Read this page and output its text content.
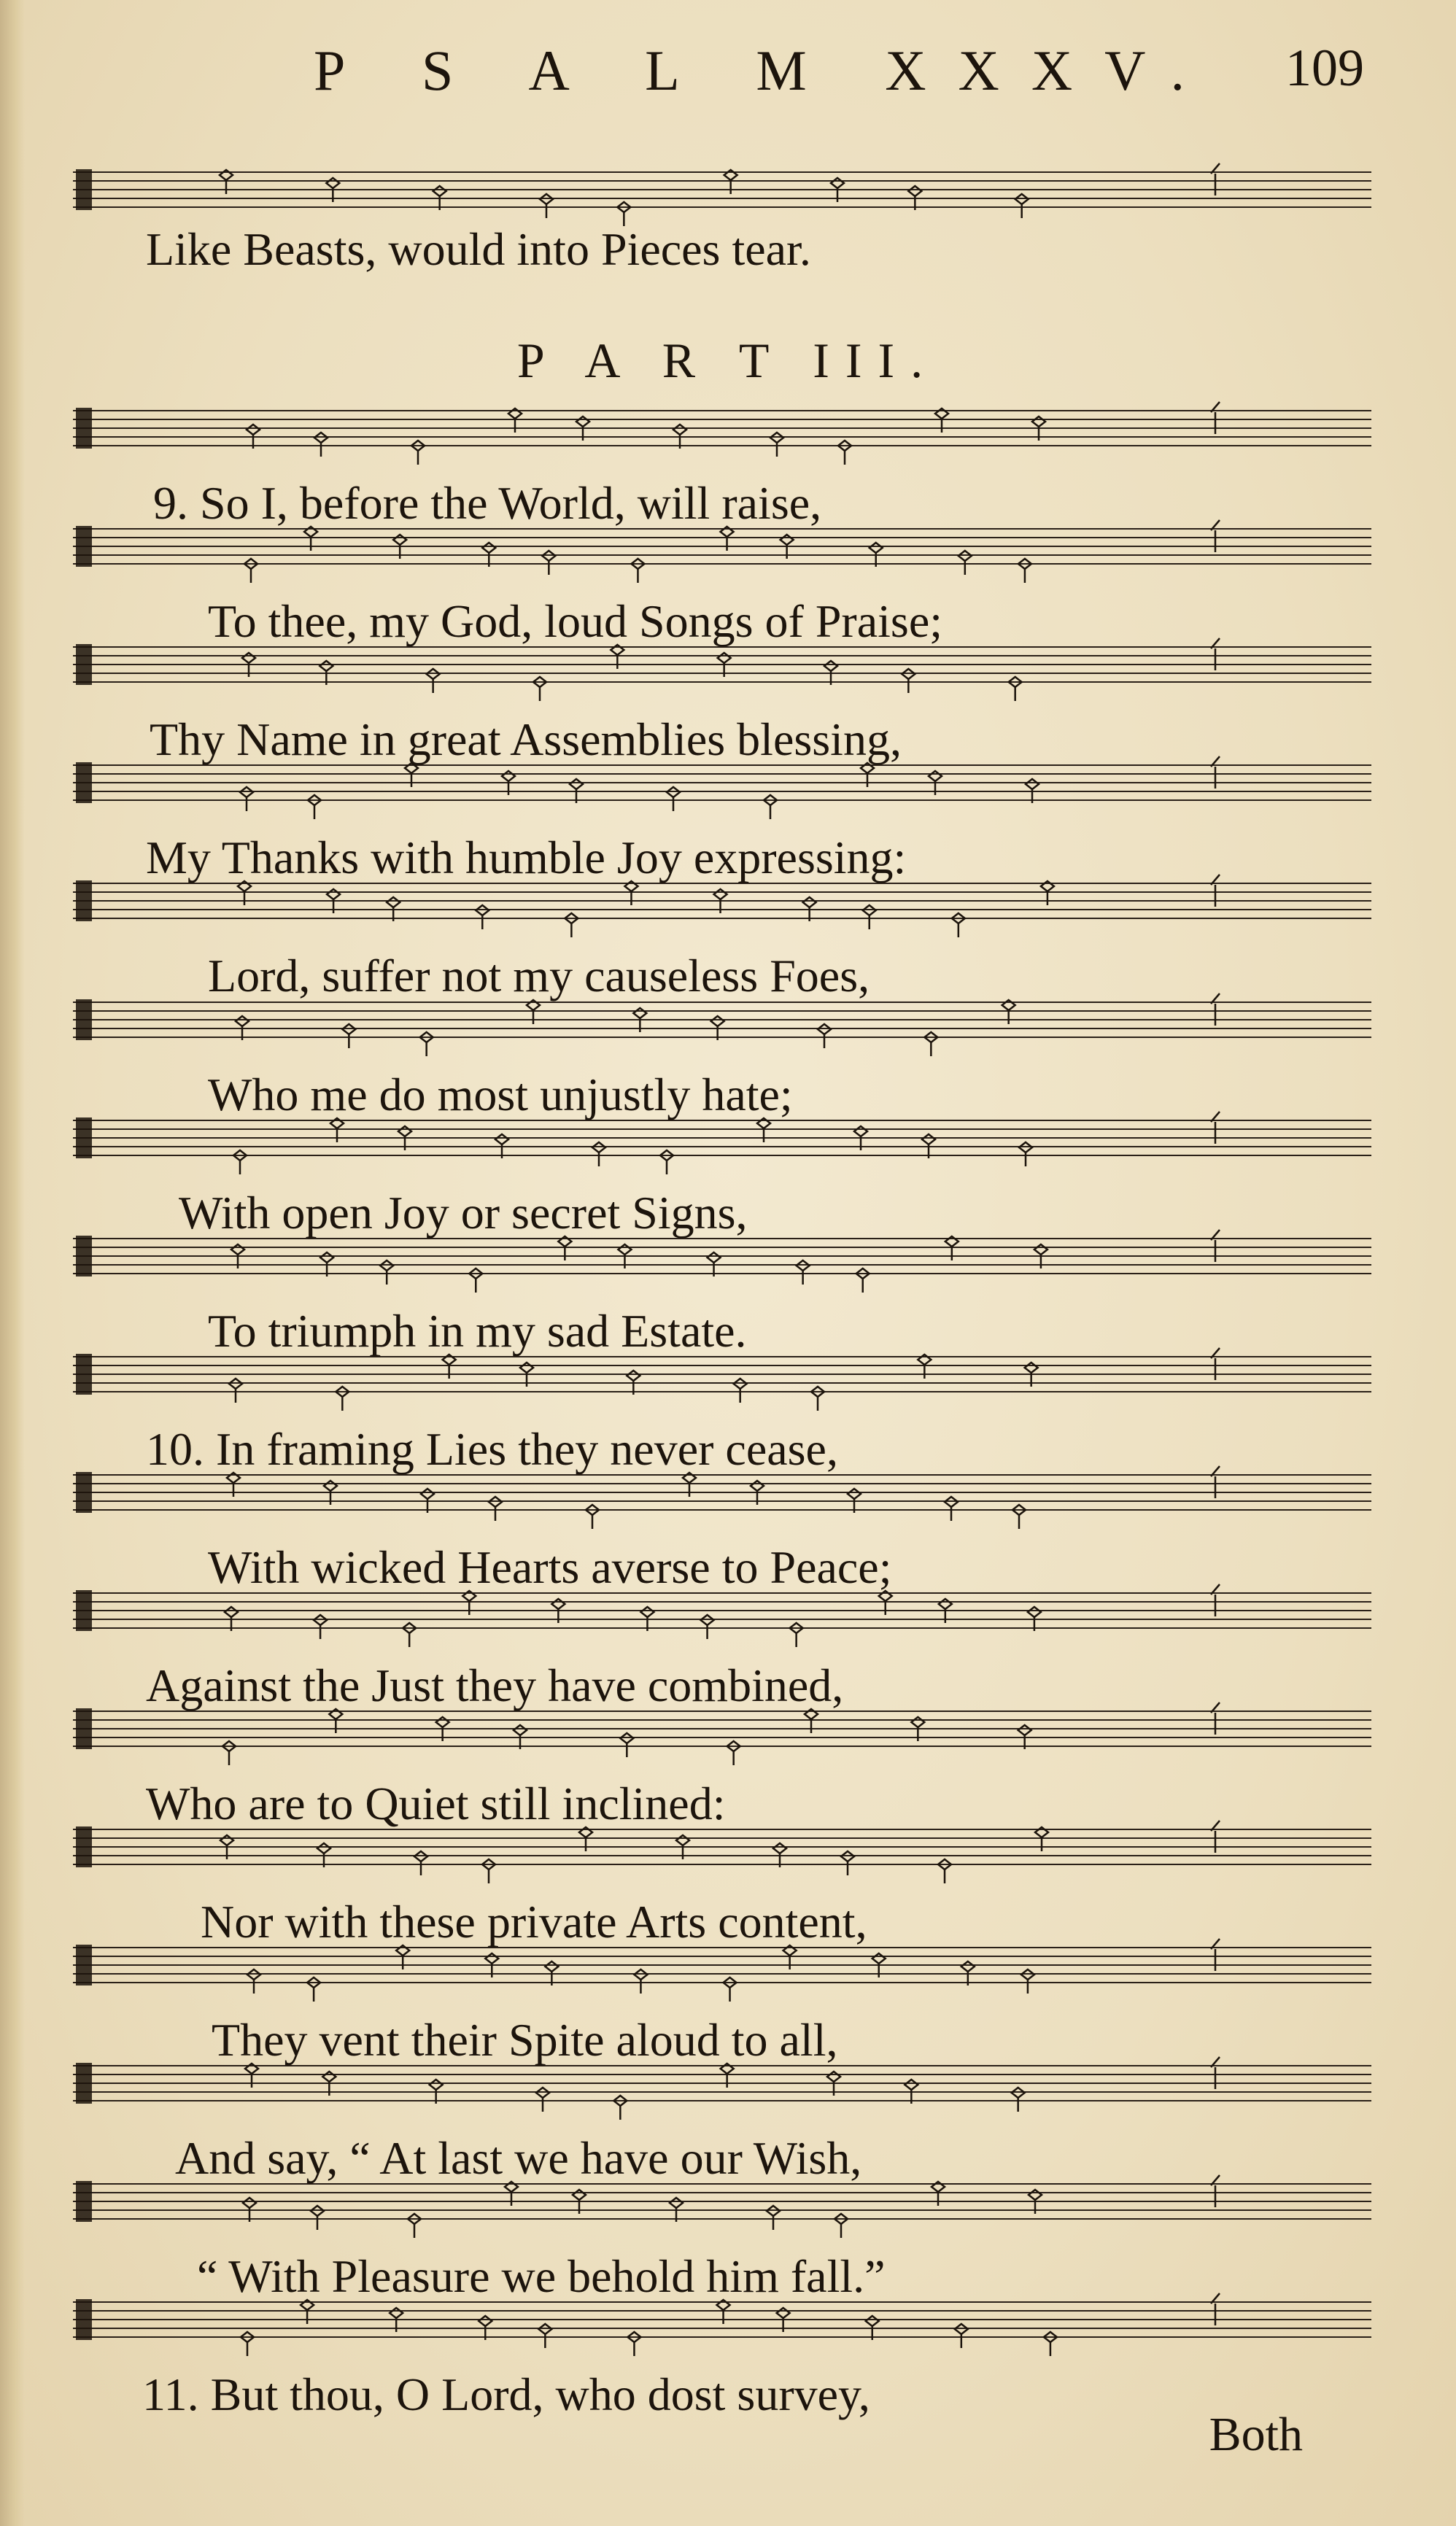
P S A L M XXXV. 109
P A R T III.
Like Beasts, would into Pieces tear.
9. So I, before the World, will raise,
To thee, my God, loud Songs of Praise;
Thy Name in great Assemblies blessing,
My Thanks with humble Joy expressing:
Lord, suffer not my causeless Foes,
Who me do most unjustly hate;
With open Joy or secret Signs,
To triumph in my sad Estate.
10. In framing Lies they never cease,
With wicked Hearts averse to Peace;
Against the Just they have combined,
Who are to Quiet still inclined:
Nor with these private Arts content,
They vent their Spite aloud to all,
And say, “ At last we have our Wish,
“ With Pleasure we behold him fall.”
11. But thou, O Lord, who dost survey,
Both
